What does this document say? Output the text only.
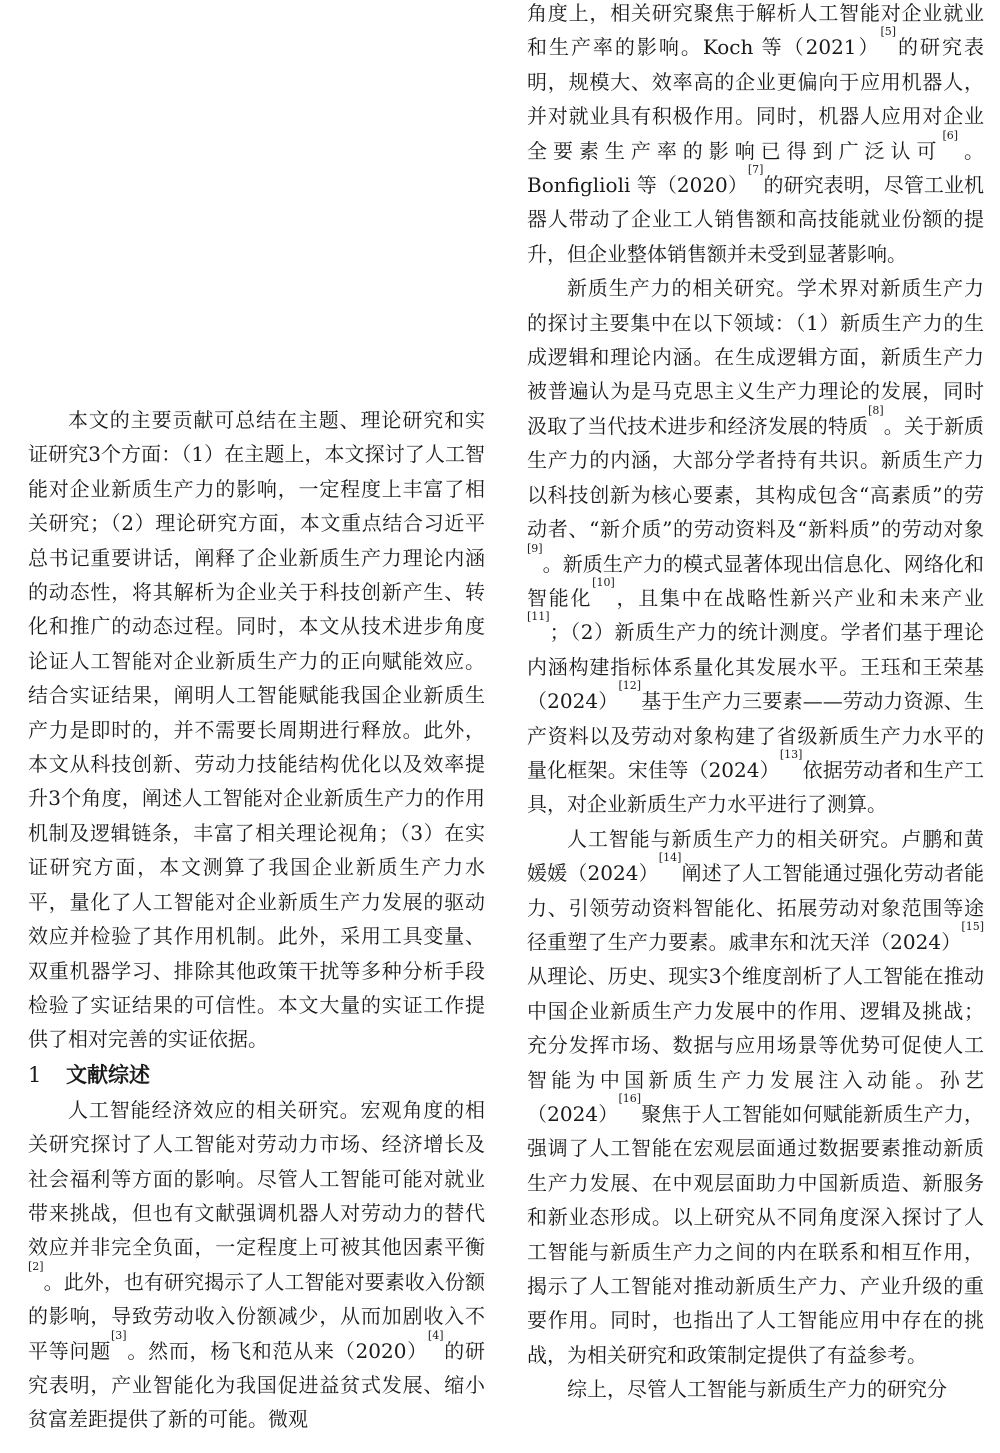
本文的主要贡献可总结在主题、理论研究和实证研究3个方面：（1）在主题上，本文探讨了人工智能对企业新质生产力的影响，一定程度上丰富了相关研究；（2）理论研究方面，本文重点结合习近平总书记重要讲话，阐释了企业新质生产力理论内涵的动态性，将其解析为企业关于科技创新产生、转化和推广的动态过程。同时，本文从技术进步角度论证人工智能对企业新质生产力的正向赋能效应。结合实证结果，阐明人工智能赋能我国企业新质生产力是即时的，并不需要长周期进行释放。此外，本文从科技创新、劳动力技能结构优化以及效率提升3个角度，阐述人工智能对企业新质生产力的作用机制及逻辑链条，丰富了相关理论视角；（3）在实证研究方面，本文测算了我国企业新质生产力水平，量化了人工智能对企业新质生产力发展的驱动效应并检验了其作用机制。此外，采用工具变量、双重机器学习、排除其他政策干扰等多种分析手段检验了实证结果的可信性。本文大量的实证工作提供了相对完善的实证依据。

1 文献综述

人工智能经济效应的相关研究。宏观角度的相关研究探讨了人工智能对劳动力市场、经济增长及社会福利等方面的影响。尽管人工智能可能对就业带来挑战，但也有文献强调机器人对劳动力的替代效应并非完全负面，一定程度上可被其他因素平衡[2]。此外，也有研究揭示了人工智能对要素收入份额的影响，导致劳动收入份额减少，从而加剧收入不平等问题[3]。然而，杨飞和范从来（2020）[4]的研究表明，产业智能化为我国促进益贫式发展、缩小贫富差距提供了新的可能。微观

角度上，相关研究聚焦于解析人工智能对企业就业和生产率的影响。Koch 等（2021）[5]的研究表明，规模大、效率高的企业更偏向于应用机器人，并对就业具有积极作用。同时，机器人应用对企业全要素生产率的影响已得到广泛认可[6]。Bonfiglioli 等（2020）[7]的研究表明，尽管工业机器人带动了企业工人销售额和高技能就业份额的提升，但企业整体销售额并未受到显著影响。

新质生产力的相关研究。学术界对新质生产力的探讨主要集中在以下领域：（1）新质生产力的生成逻辑和理论内涵。在生成逻辑方面，新质生产力被普遍认为是马克思主义生产力理论的发展，同时汲取了当代技术进步和经济发展的特质[8]。关于新质生产力的内涵，大部分学者持有共识。新质生产力以科技创新为核心要素，其构成包含“高素质”的劳动者、“新介质”的劳动资料及“新料质”的劳动对象[9]。新质生产力的模式显著体现出信息化、网络化和智能化[10]，且集中在战略性新兴产业和未来产业[11]；（2）新质生产力的统计测度。学者们基于理论内涵构建指标体系量化其发展水平。王珏和王荣基（2024）[12]基于生产力三要素——劳动力资源、生产资料以及劳动对象构建了省级新质生产力水平的量化框架。宋佳等（2024）[13]依据劳动者和生产工具，对企业新质生产力水平进行了测算。

人工智能与新质生产力的相关研究。卢鹏和黄媛媛（2024）[14]阐述了人工智能通过强化劳动者能力、引领劳动资料智能化、拓展劳动对象范围等途径重塑了生产力要素。戚聿东和沈天洋（2024）[15]从理论、历史、现实3个维度剖析了人工智能在推动中国企业新质生产力发展中的作用、逻辑及挑战；充分发挥市场、数据与应用场景等优势可促使人工智能为中国新质生产力发展注入动能。孙艺（2024）[16]聚焦于人工智能如何赋能新质生产力，强调了人工智能在宏观层面通过数据要素推动新质生产力发展、在中观层面助力中国新质造、新服务和新业态形成。以上研究从不同角度深入探讨了人工智能与新质生产力之间的内在联系和相互作用，揭示了人工智能对推动新质生产力、产业升级的重要作用。同时，也指出了人工智能应用中存在的挑战，为相关研究和政策制定提供了有益参考。

综上，尽管人工智能与新质生产力的研究分
